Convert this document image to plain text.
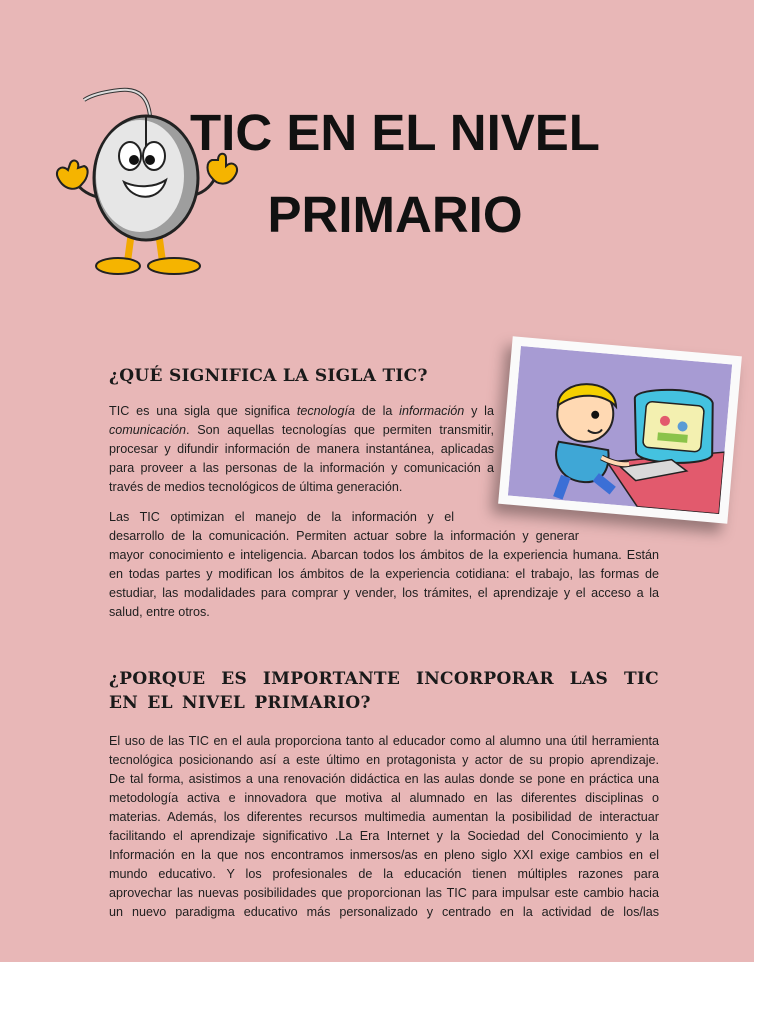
TIC EN EL NIVEL
PRIMARIO
¿QUÉ SIGNIFICA LA SIGLA TIC?

TIC es una sigla que significa tecnología de la información y la comunicación. Son aquellas tecnologías que permiten transmitir, procesar y difundir información de manera instantánea, aplicadas para proveer a las personas de la información y comunicación a través de medios tecnológicos de última generación.

Las TIC optimizan el manejo de la información y el
desarrollo de la comunicación. Permiten actuar sobre la información y generar
mayor conocimiento e inteligencia. Abarcan todos los ámbitos de la experiencia humana. Están
en todas partes y modifican los ámbitos de la experiencia cotidiana: el trabajo, las formas de
estudiar, las modalidades para comprar y vender, los trámites, el aprendizaje y el acceso a la
salud, entre otros.

¿PORQUE ES IMPORTANTE INCORPORAR LAS TIC EN EL NIVEL PRIMARIO?

El uso de las TIC en el aula proporciona tanto al educador como al alumno una útil herramienta
tecnológica posicionando así a este último en protagonista y actor de su propio aprendizaje.
De tal forma, asistimos a una renovación didáctica en las aulas donde se pone en práctica una
metodología activa e innovadora que motiva al alumnado en las diferentes disciplinas o
materias. Además, los diferentes recursos multimedia aumentan la posibilidad de interactuar
facilitando el aprendizaje significativo .La Era Internet y la Sociedad del Conocimiento y la
Información en la que nos encontramos inmersos/as en pleno siglo XXI exige cambios en el
mundo educativo. Y los profesionales de la educación tienen múltiples razones para
aprovechar las nuevas posibilidades que proporcionan las TIC para impulsar este cambio hacia
un nuevo paradigma educativo más personalizado y centrado en la actividad de los/las
